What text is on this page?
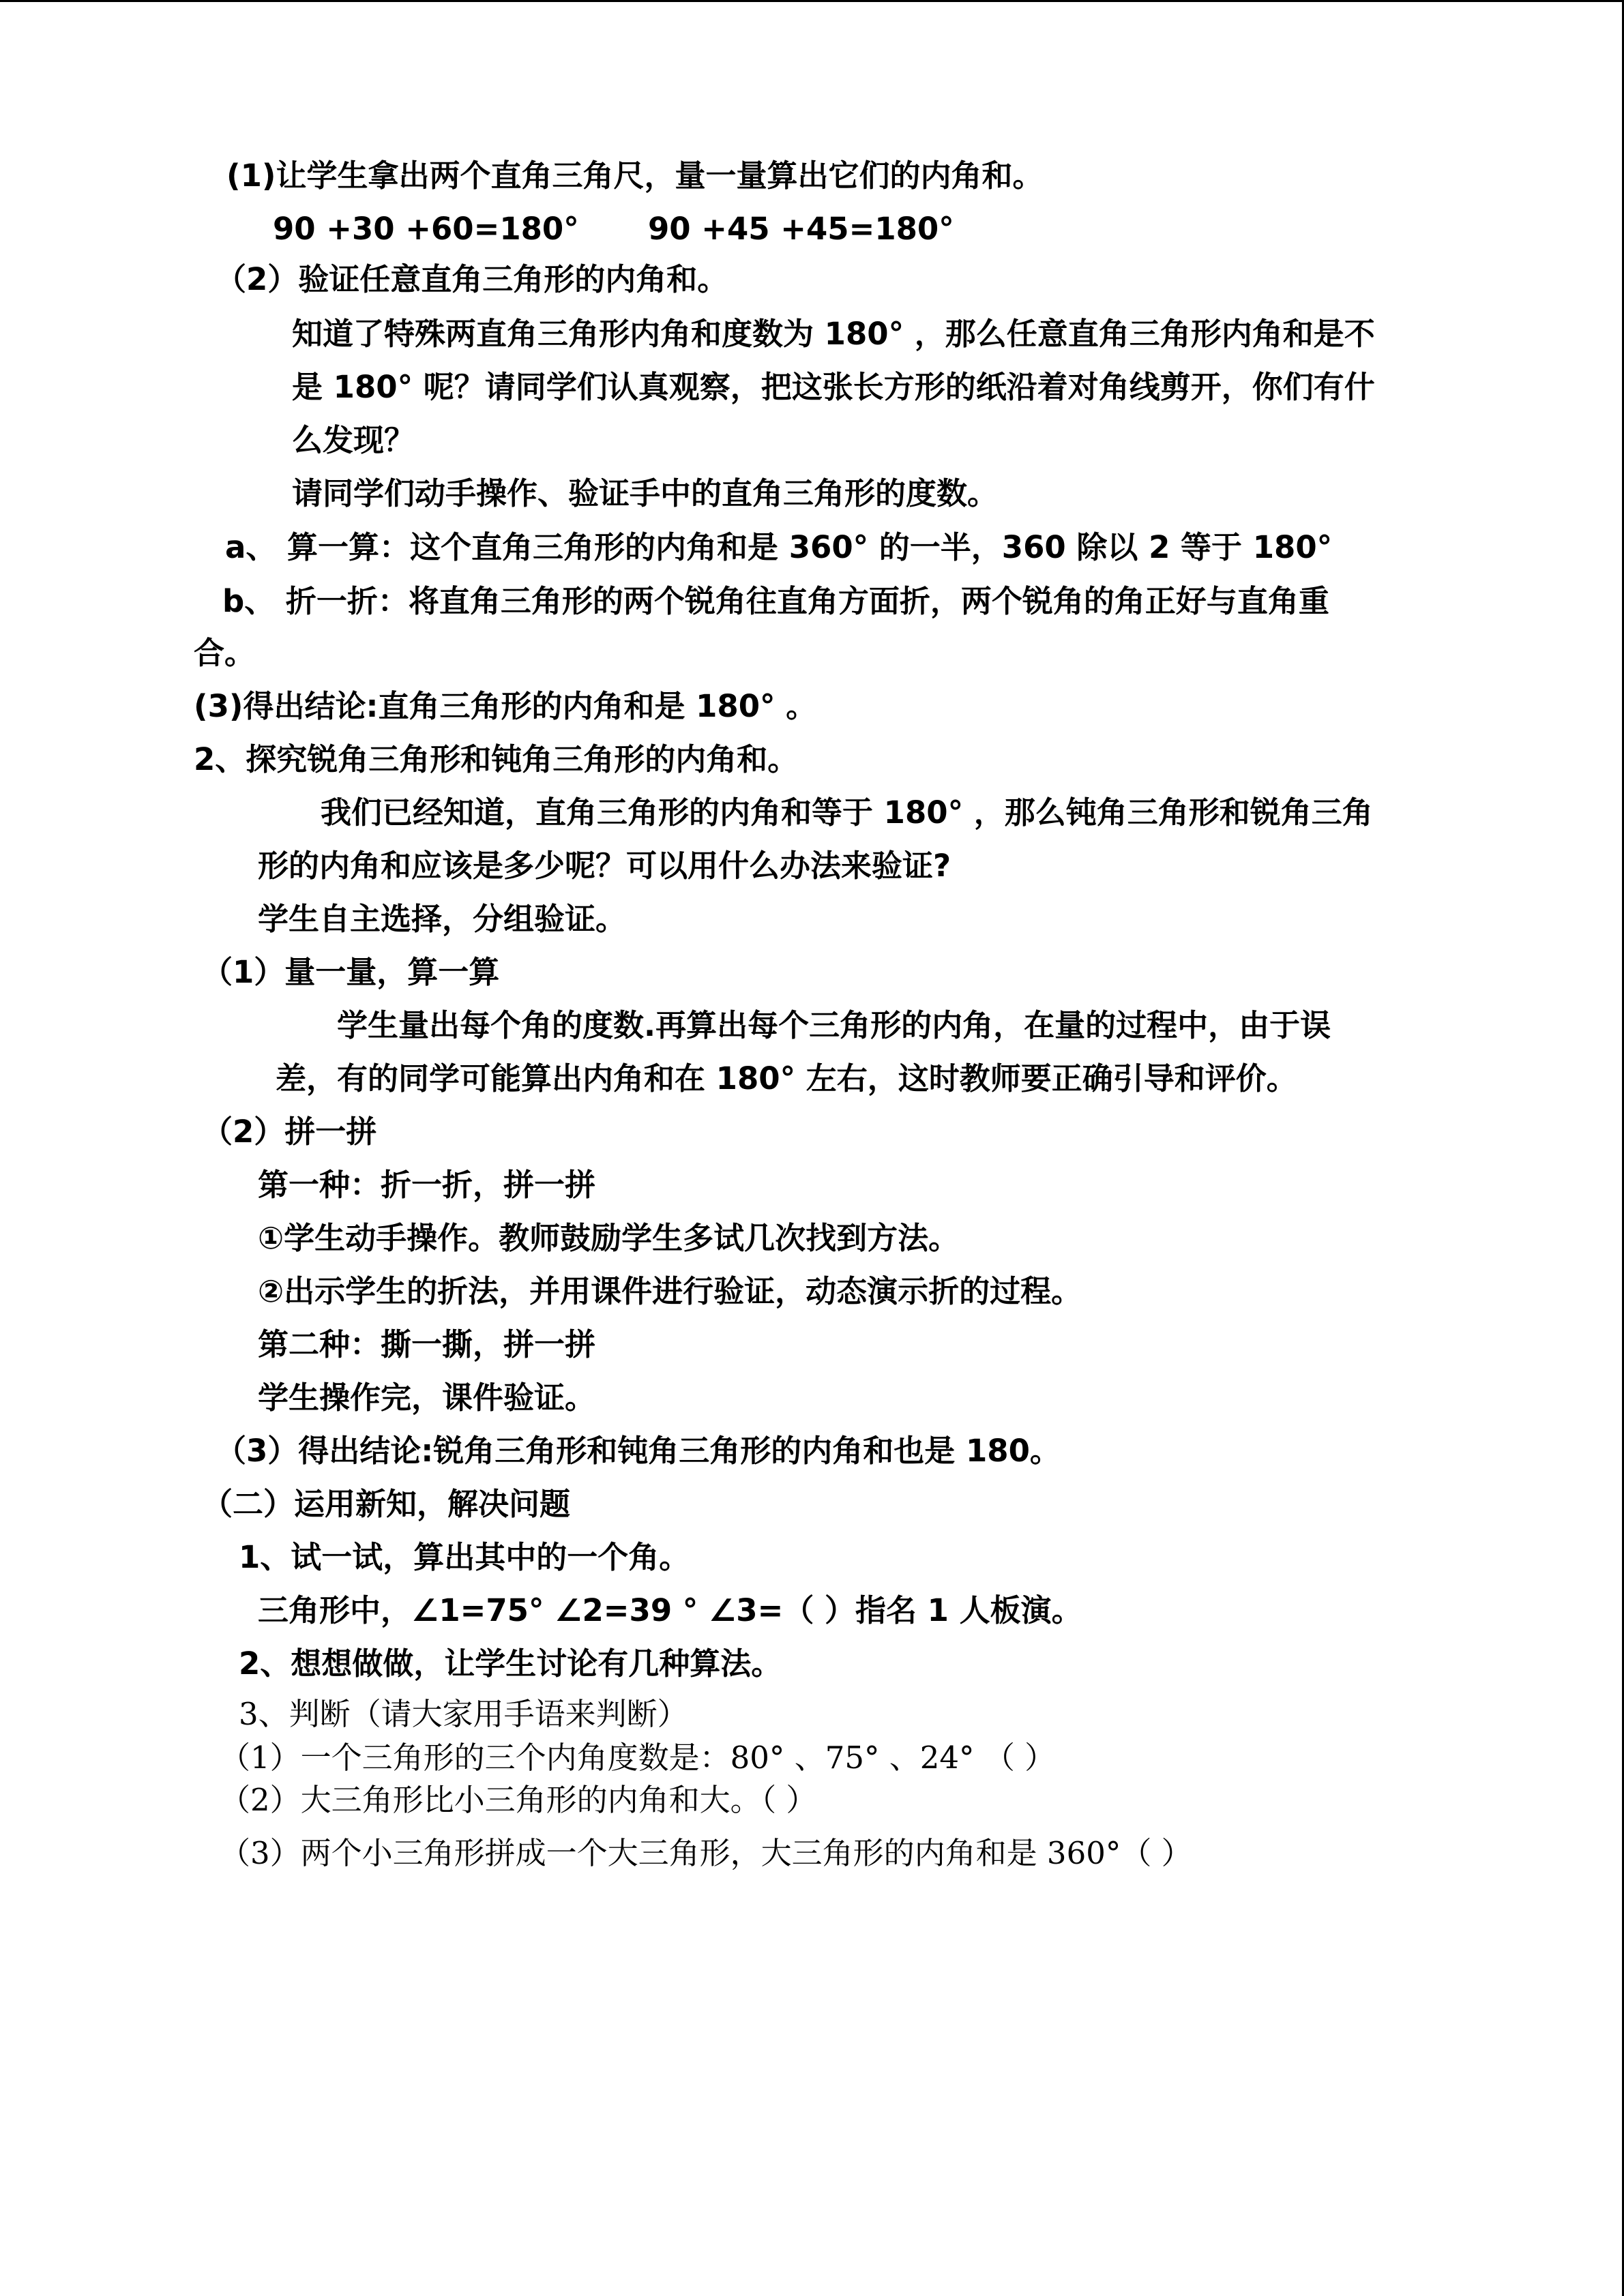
(1)让学生拿出两个直角三角尺，量一量算出它们的内角和。
90 +30 +60=180° 90 +45 +45=180°
（2）验证任意直角三角形的内角和。
知道了特殊两直角三角形内角和度数为 180° ，那么任意直角三角形内角和是不
是 180° 呢？请同学们认真观察，把这张长方形的纸沿着对角线剪开，你们有什
么发现？
请同学们动手操作、验证手中的直角三角形的度数。
a、 算一算：这个直角三角形的内角和是 360° 的一半，360 除以 2 等于 180°
b、 折一折：将直角三角形的两个锐角往直角方面折，两个锐角的角正好与直角重
合。
(3)得出结论:直角三角形的内角和是 180° 。
2、探究锐角三角形和钝角三角形的内角和。
我们已经知道，直角三角形的内角和等于 180° ，那么钝角三角形和锐角三角
形的内角和应该是多少呢？可以用什么办法来验证?
学生自主选择，分组验证。
（1）量一量，算一算
学生量出每个角的度数.再算出每个三角形的内角，在量的过程中，由于误
差，有的同学可能算出内角和在 180° 左右，这时教师要正确引导和评价。
（2）拼一拼
第一种：折一折，拼一拼
①学生动手操作。教师鼓励学生多试几次找到方法。
②出示学生的折法，并用课件进行验证，动态演示折的过程。
第二种：撕一撕，拼一拼
学生操作完，课件验证。
（3）得出结论:锐角三角形和钝角三角形的内角和也是 180。
（二）运用新知，解决问题
1、试一试，算出其中的一个角。
三角形中，∠1=75° ∠2=39 ° ∠3=（ ）指名 1 人板演。
2、想想做做，让学生讨论有几种算法。
3、判断（请大家用手语来判断）
（1）一个三角形的三个内角度数是：80° 、75° 、24° （ ）
（2）大三角形比小三角形的内角和大。（ ）
（3）两个小三角形拼成一个大三角形，大三角形的内角和是 360°（ ）
